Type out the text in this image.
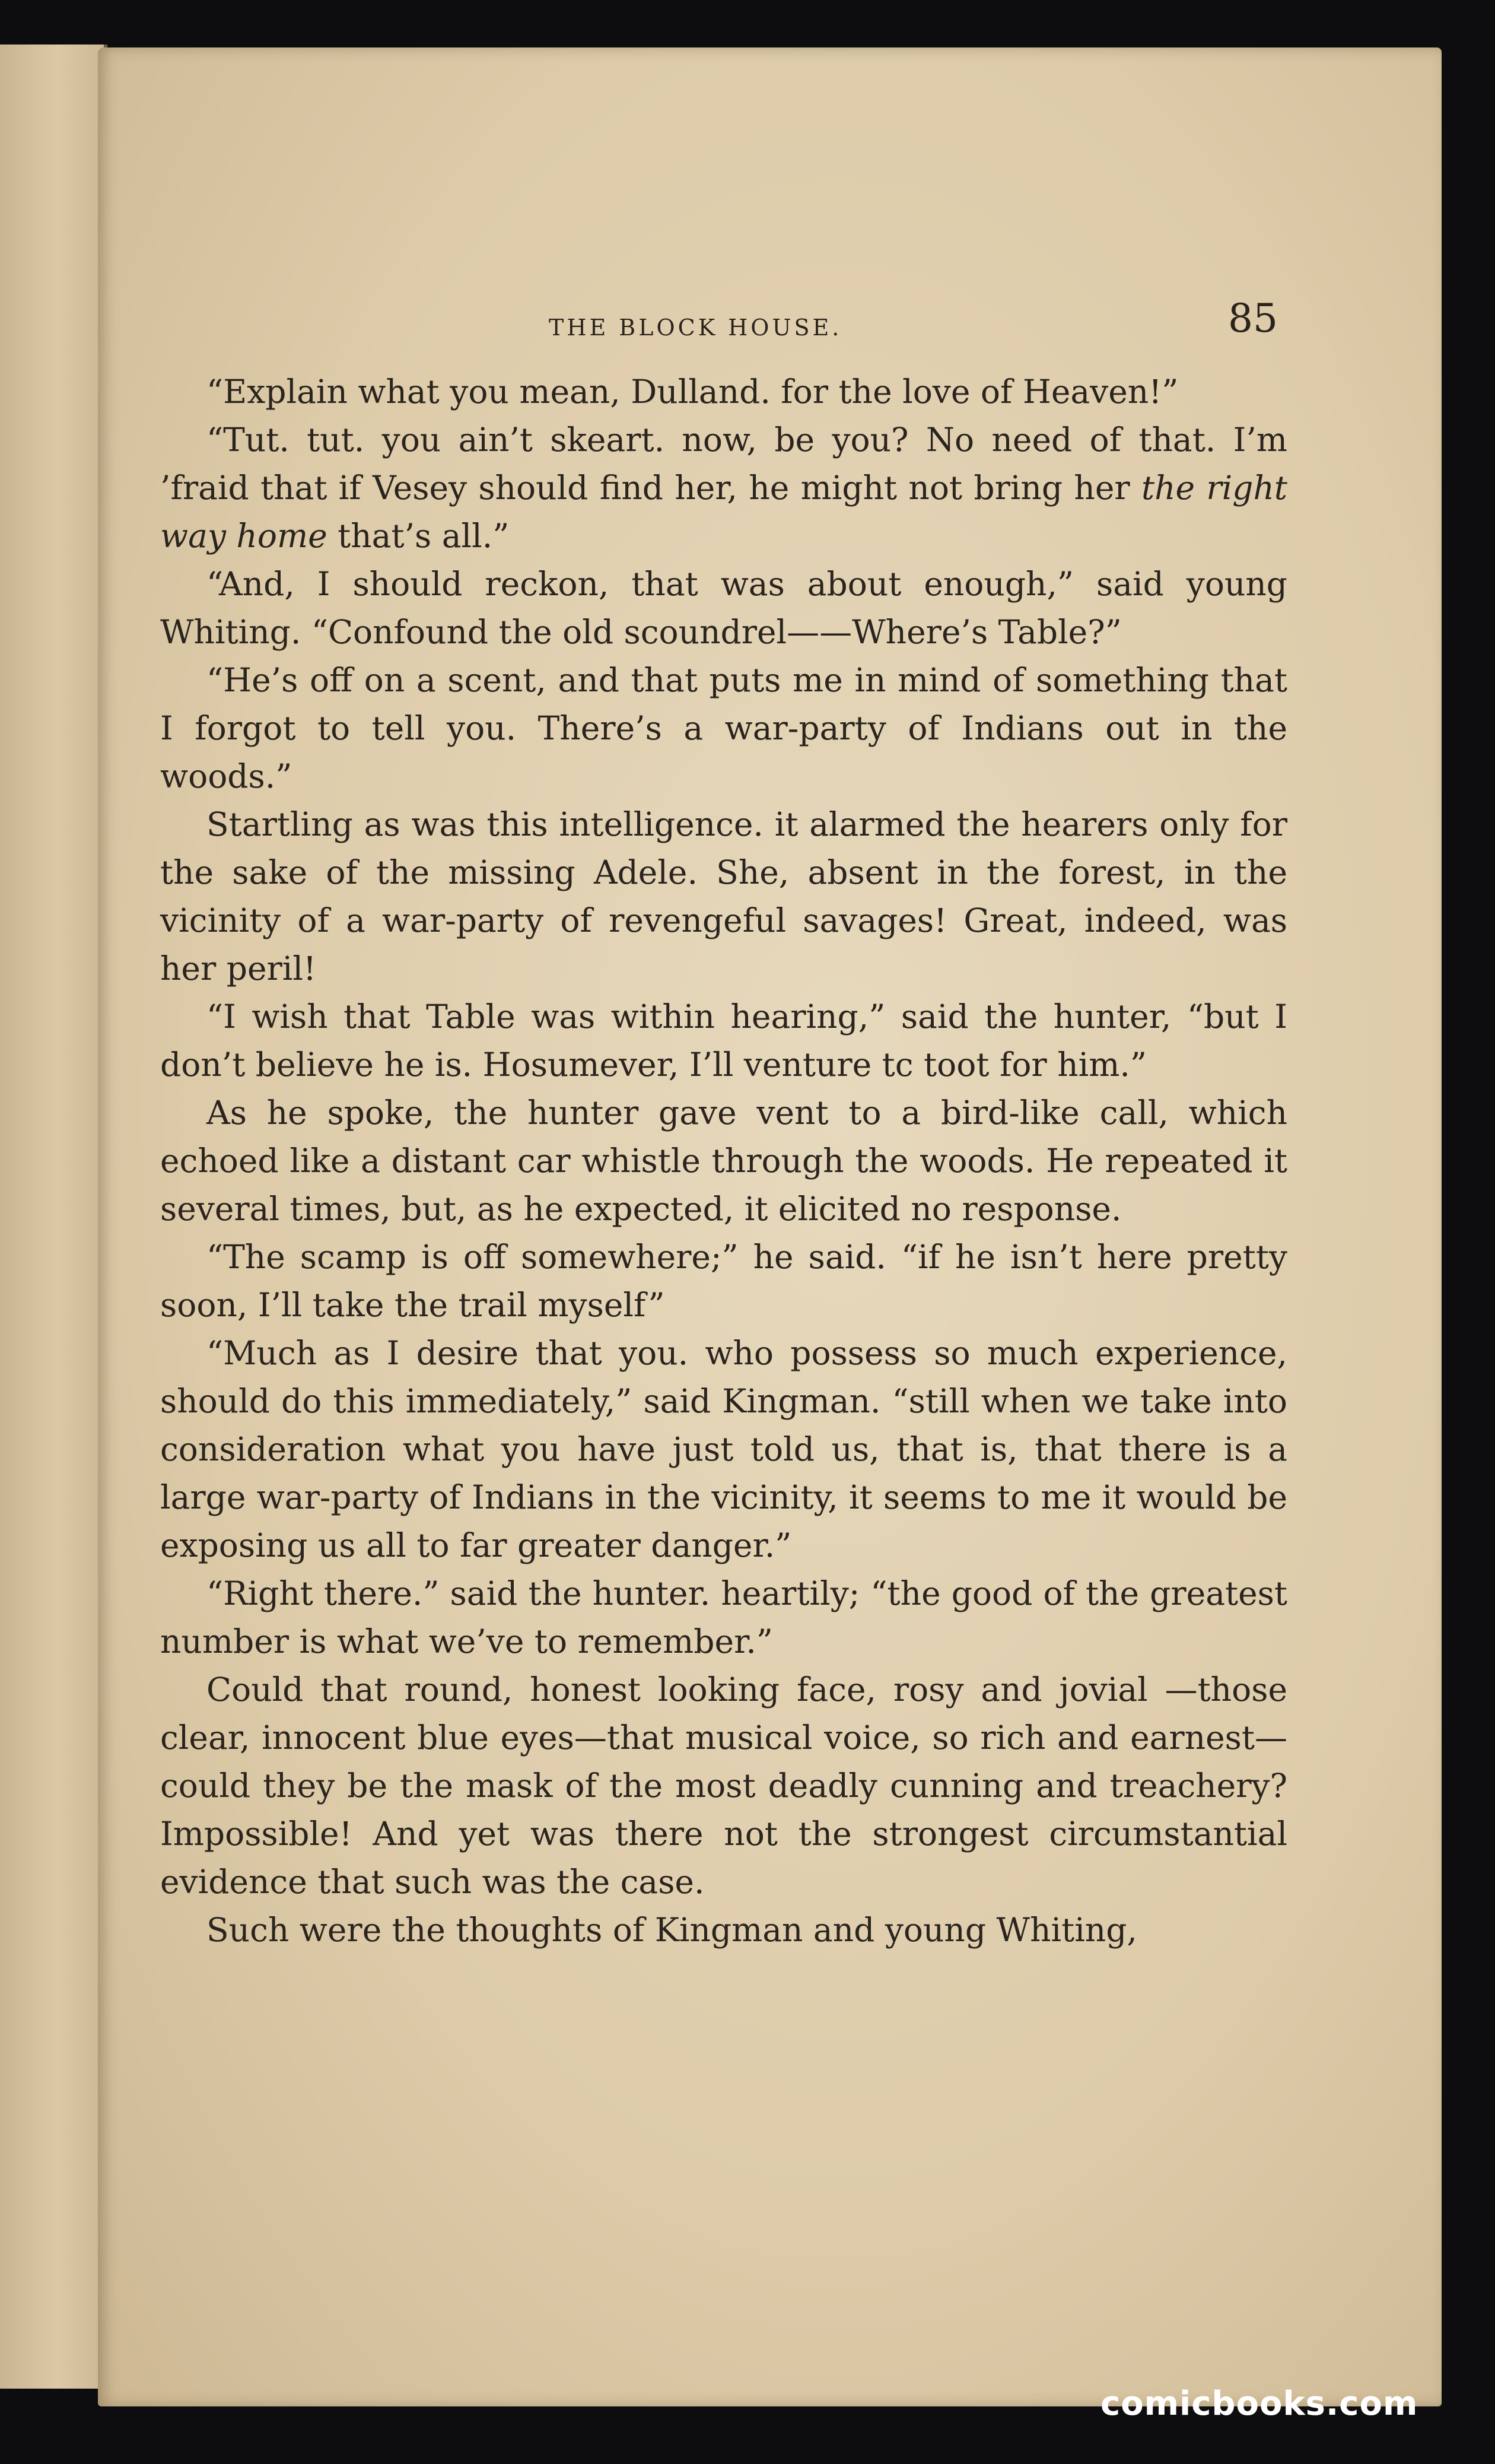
THE BLOCK HOUSE.	85

“Explain what you mean, Dulland. for the love of Heaven!”

“Tut. tut. you ain’t skeart. now, be you? No need of that. I’m ’fraid that if Vesey should find her, he might not bring her the right way home that’s all.”

“And, I should reckon, that was about enough,” said young Whiting. “Confound the old scoundrel——Where’s Table?”

“He’s off on a scent, and that puts me in mind of something that I forgot to tell you. There’s a war-party of Indians out in the woods.”

Startling as was this intelligence. it alarmed the hearers only for the sake of the missing Adele. She, absent in the forest, in the vicinity of a war-party of revengeful savages! Great, indeed, was her peril!

“I wish that Table was within hearing,” said the hunter, “but I don’t believe he is. Hosumever, I’ll venture tc toot for him.”

As he spoke, the hunter gave vent to a bird-like call, which echoed like a distant car whistle through the woods. He repeated it several times, but, as he expected, it elicited no response.

“The scamp is off somewhere;” he said. “if he isn’t here pretty soon, I’ll take the trail myself”

“Much as I desire that you. who possess so much experience, should do this immediately,” said Kingman. “still when we take into consideration what you have just told us, that is, that there is a large war-party of Indians in the vicinity, it seems to me it would be exposing us all to far greater danger.”

“Right there.” said the hunter. heartily; “the good of the greatest number is what we’ve to remember.”

Could that round, honest looking face, rosy and jovial —those clear, innocent blue eyes—that musical voice, so rich and earnest—could they be the mask of the most deadly cunning and treachery? Impossible! And yet was there not the strongest circumstantial evidence that such was the case.

Such were the thoughts of Kingman and young Whiting,

comicbooks.com
